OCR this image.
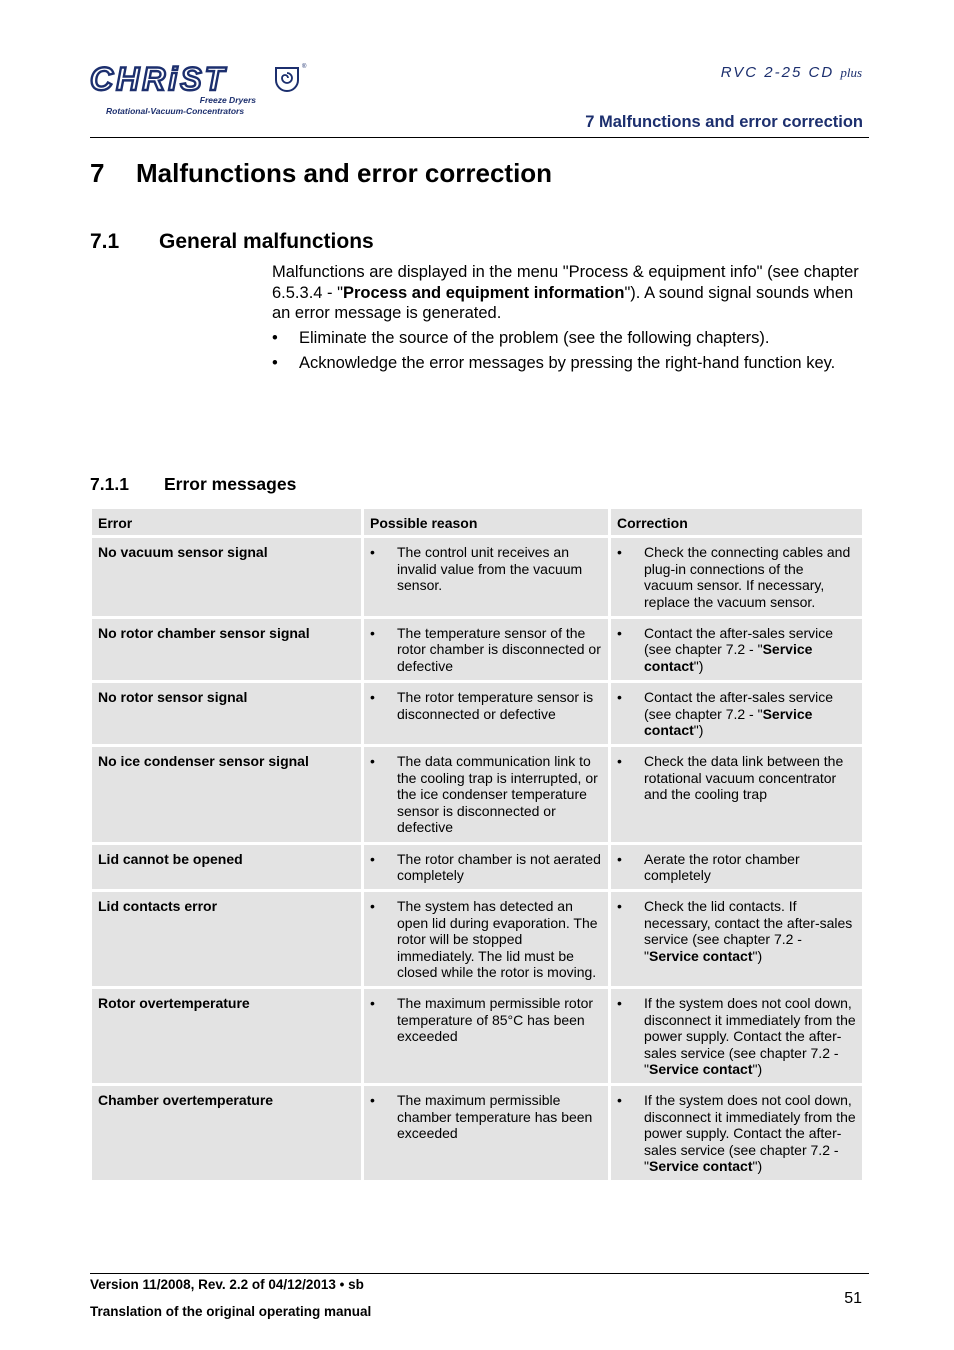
CHRiST	®
Freeze Dryers
Rotational-Vacuum-Concentrators
RVC 2-25 CD plus
7 Malfunctions and error correction
7 Malfunctions and error correction
7.1 General malfunctions

Malfunctions are displayed in the menu "Process & equipment info" (see chapter 6.5.3.4 - "Process and equipment information"). A sound signal sounds when an error message is generated.

• Eliminate the source of the problem (see the following chapters).
• Acknowledge the error messages by pressing the right-hand function key.
7.1.1 Error messages
Error	Possible reason	Correction
No vacuum sensor signal	• The control unit receives an invalid value from the vacuum sensor.	• Check the connecting cables and plug-in connections of the vacuum sensor. If necessary, replace the vacuum sensor.

No rotor chamber sensor signal	• The temperature sensor of the rotor chamber is disconnected or defective	• Contact the after-sales service (see chapter 7.2 - "Service contact")

No rotor sensor signal	• The rotor temperature sensor is disconnected or defective	• Contact the after-sales service (see chapter 7.2 - "Service contact")

No ice condenser sensor signal	• The data communication link to the cooling trap is interrupted, or the ice condenser temperature sensor is disconnected or defective	• Check the data link between the rotational vacuum concentrator and the cooling trap

Lid cannot be opened	• The rotor chamber is not aerated completely	• Aerate the rotor chamber completely

Lid contacts error	• The system has detected an open lid during evaporation. The rotor will be stopped immediately. The lid must be closed while the rotor is moving.	• Check the lid contacts. If necessary, contact the after-sales service (see chapter 7.2 - "Service contact")

Rotor overtemperature	• The maximum permissible rotor temperature of 85°C has been exceeded	• If the system does not cool down, disconnect it immediately from the power supply. Contact the after-sales service (see chapter 7.2 - "Service contact")

Chamber overtemperature	• The maximum permissible chamber temperature has been exceeded	• If the system does not cool down, disconnect it immediately from the power supply. Contact the after-sales service (see chapter 7.2 - "Service contact")
Version 11/2008, Rev. 2.2 of 04/12/2013 • sb
Translation of the original operating manual
51
